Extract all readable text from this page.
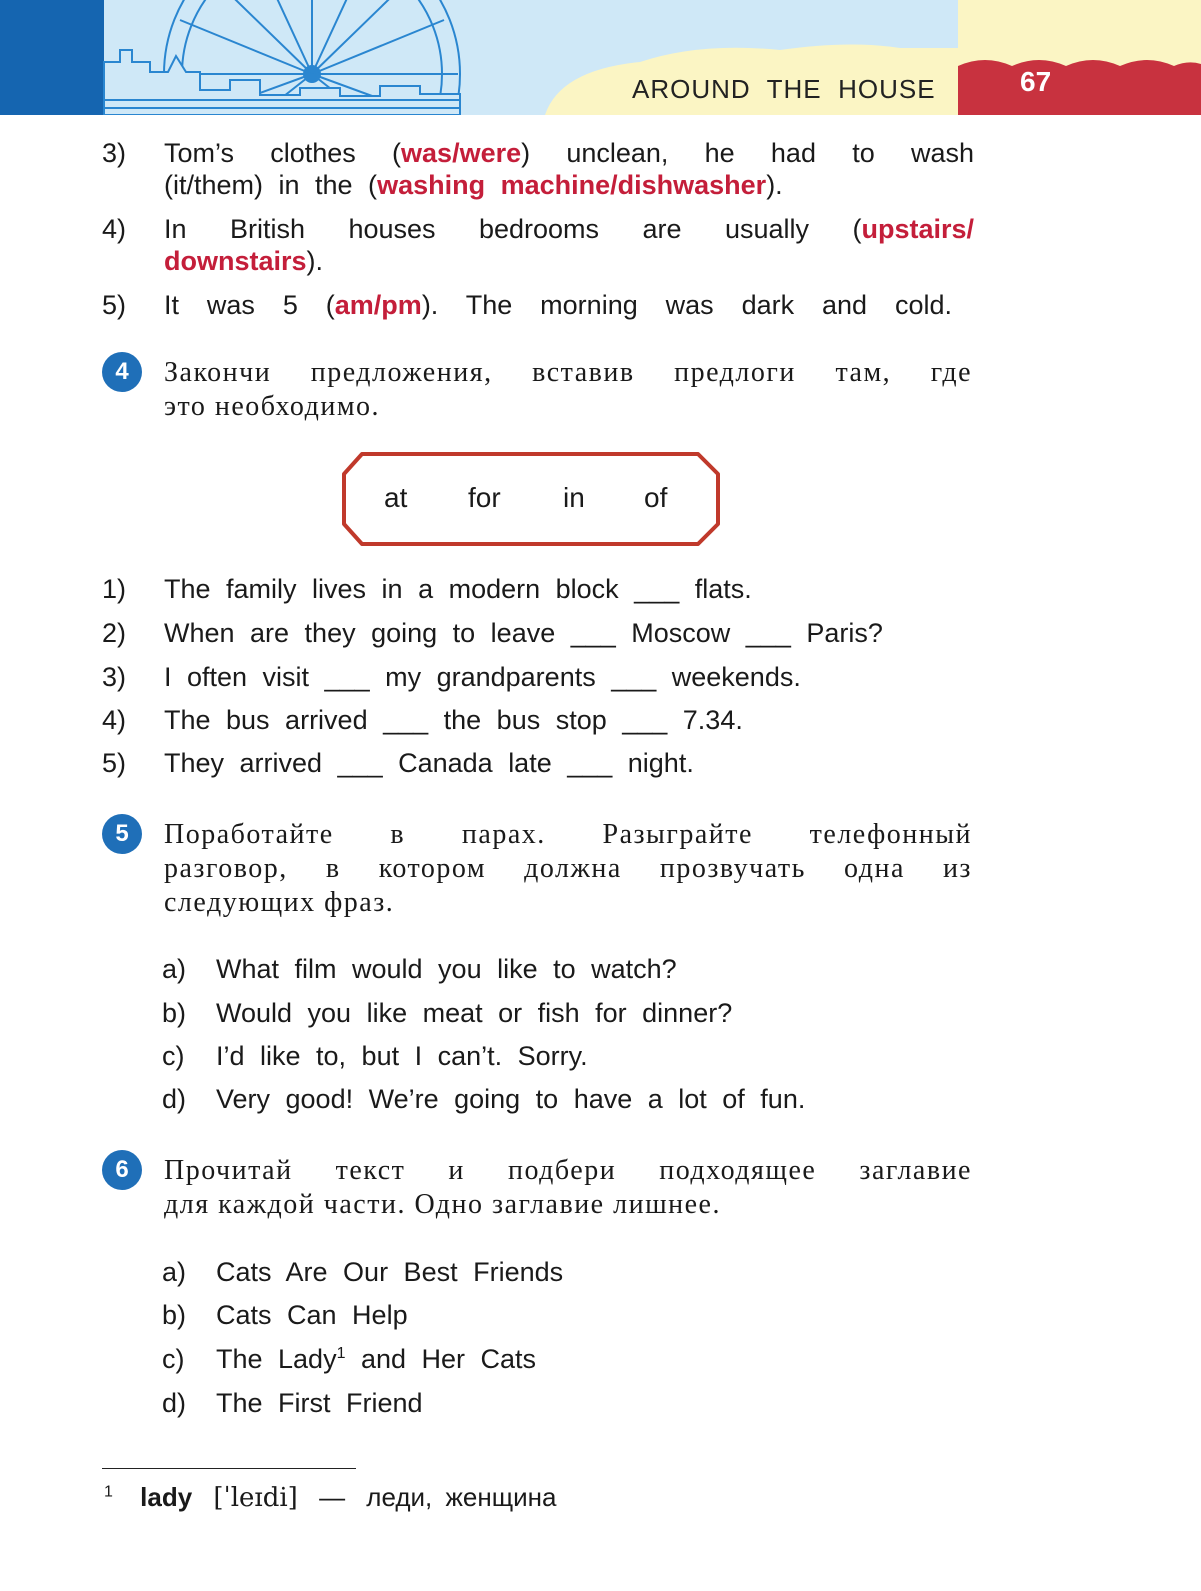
AROUND  THE  HOUSE	67
3) Tom’s clothes (was/were) unclean, he had to wash
(it/them) in the (washing machine/dishwasher).
4) In British houses bedrooms are usually (upstairs/
downstairs).
5) It was 5 (am/pm). The morning was dark and cold.
4	Закончи предложения, вставив предлоги там, где
это необходимо.
at for in of
1) The family lives in a modern block ___ flats.
2) When are they going to leave ___ Moscow ___ Paris?
3) I often visit ___ my grandparents ___ weekends.
4) The bus arrived ___ the bus stop ___ 7.34.
5) They arrived ___ Canada late ___ night.
5	Поработайте в парах. Разыграйте телефонный
разговор, в котором должна прозвучать одна из
следующих фраз.
a) What film would you like to watch?
b) Would you like meat or fish for dinner?
c) I’d like to, but I can’t. Sorry.
d) Very good! We’re going to have a lot of fun.
6	Прочитай текст и подбери подходящее заглавие
для каждой части. Одно заглавие лишнее.
a) Cats Are Our Best Friends
b) Cats Can Help
c) The Lady$^1$ and Her Cats
d) The First Friend
$^1$ lady [ˈleɪdi] — леди, женщина
